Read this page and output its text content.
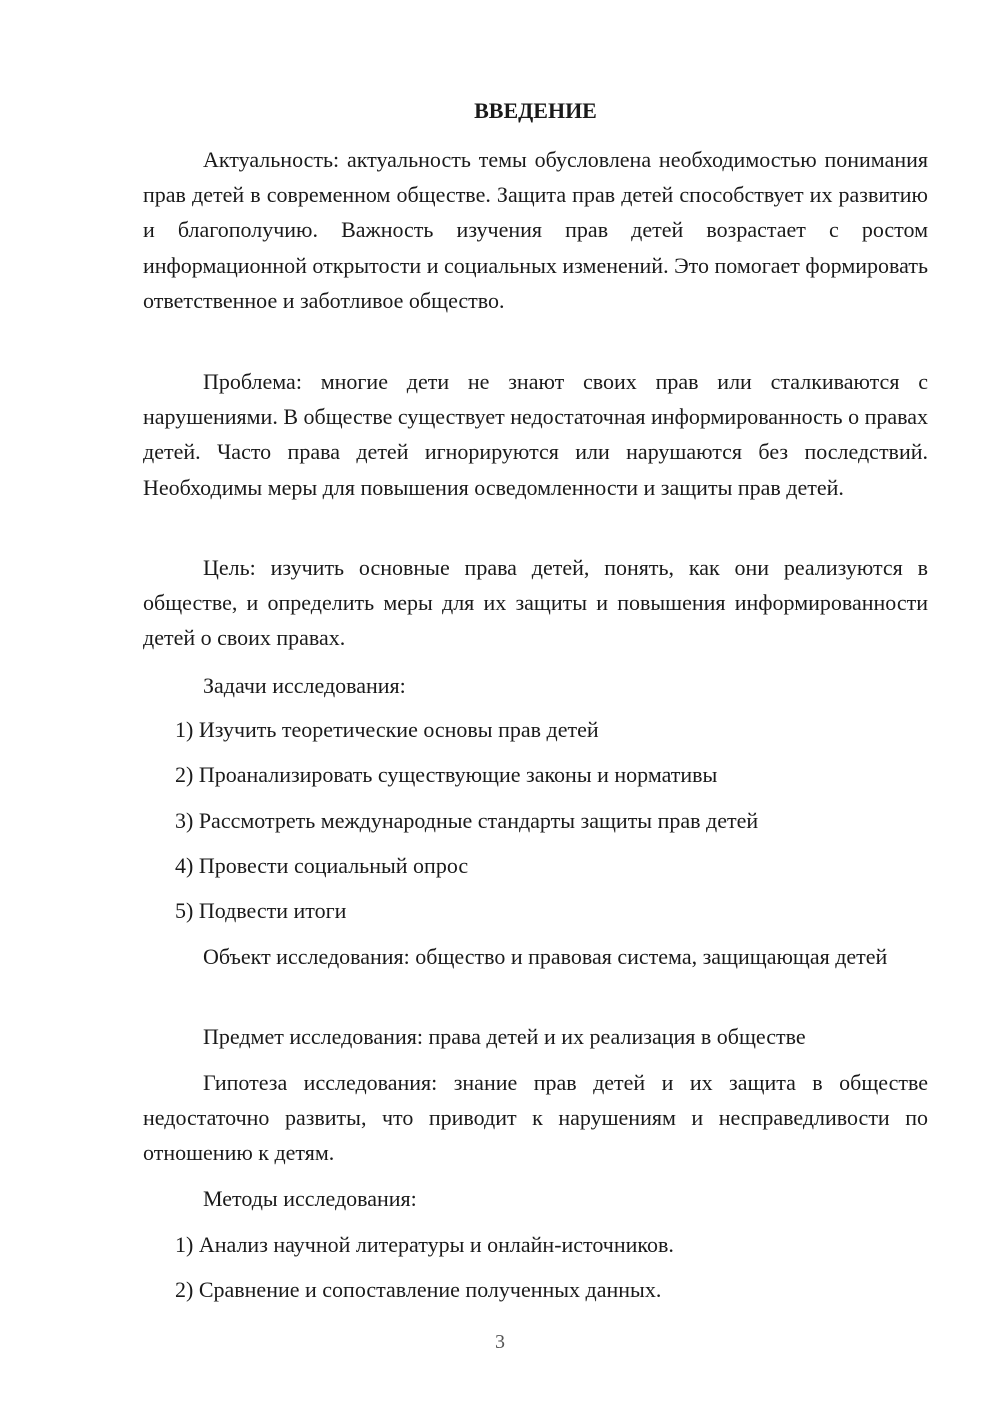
ВВЕДЕНИЕ

Актуальность: актуальность темы обусловлена необходимостью понимания прав детей в современном обществе. Защита прав детей способствует их развитию и благополучию. Важность изучения прав детей возрастает с ростом информационной открытости и социальных изменений. Это помогает формировать ответственное и заботливое общество.

Проблема: многие дети не знают своих прав или сталкиваются с нарушениями. В обществе существует недостаточная информированность о правах детей. Часто права детей игнорируются или нарушаются без последствий. Необходимы меры для повышения осведомленности и защиты прав детей.

Цель: изучить основные права детей, понять, как они реализуются в обществе, и определить меры для их защиты и повышения информированности детей о своих правах.

Задачи исследования:

1) Изучить теоретические основы прав детей

2) Проанализировать существующие законы и нормативы

3) Рассмотреть международные стандарты защиты прав детей

4) Провести социальный опрос

5) Подвести итоги

Объект исследования: общество и правовая система, защищающая детей

Предмет исследования: права детей и их реализация в обществе

Гипотеза исследования: знание прав детей и их защита в обществе недостаточно развиты, что приводит к нарушениям и несправедливости по отношению к детям.

Методы исследования:

1) Анализ научной литературы и онлайн-источников.

2) Сравнение и сопоставление полученных данных.

3
